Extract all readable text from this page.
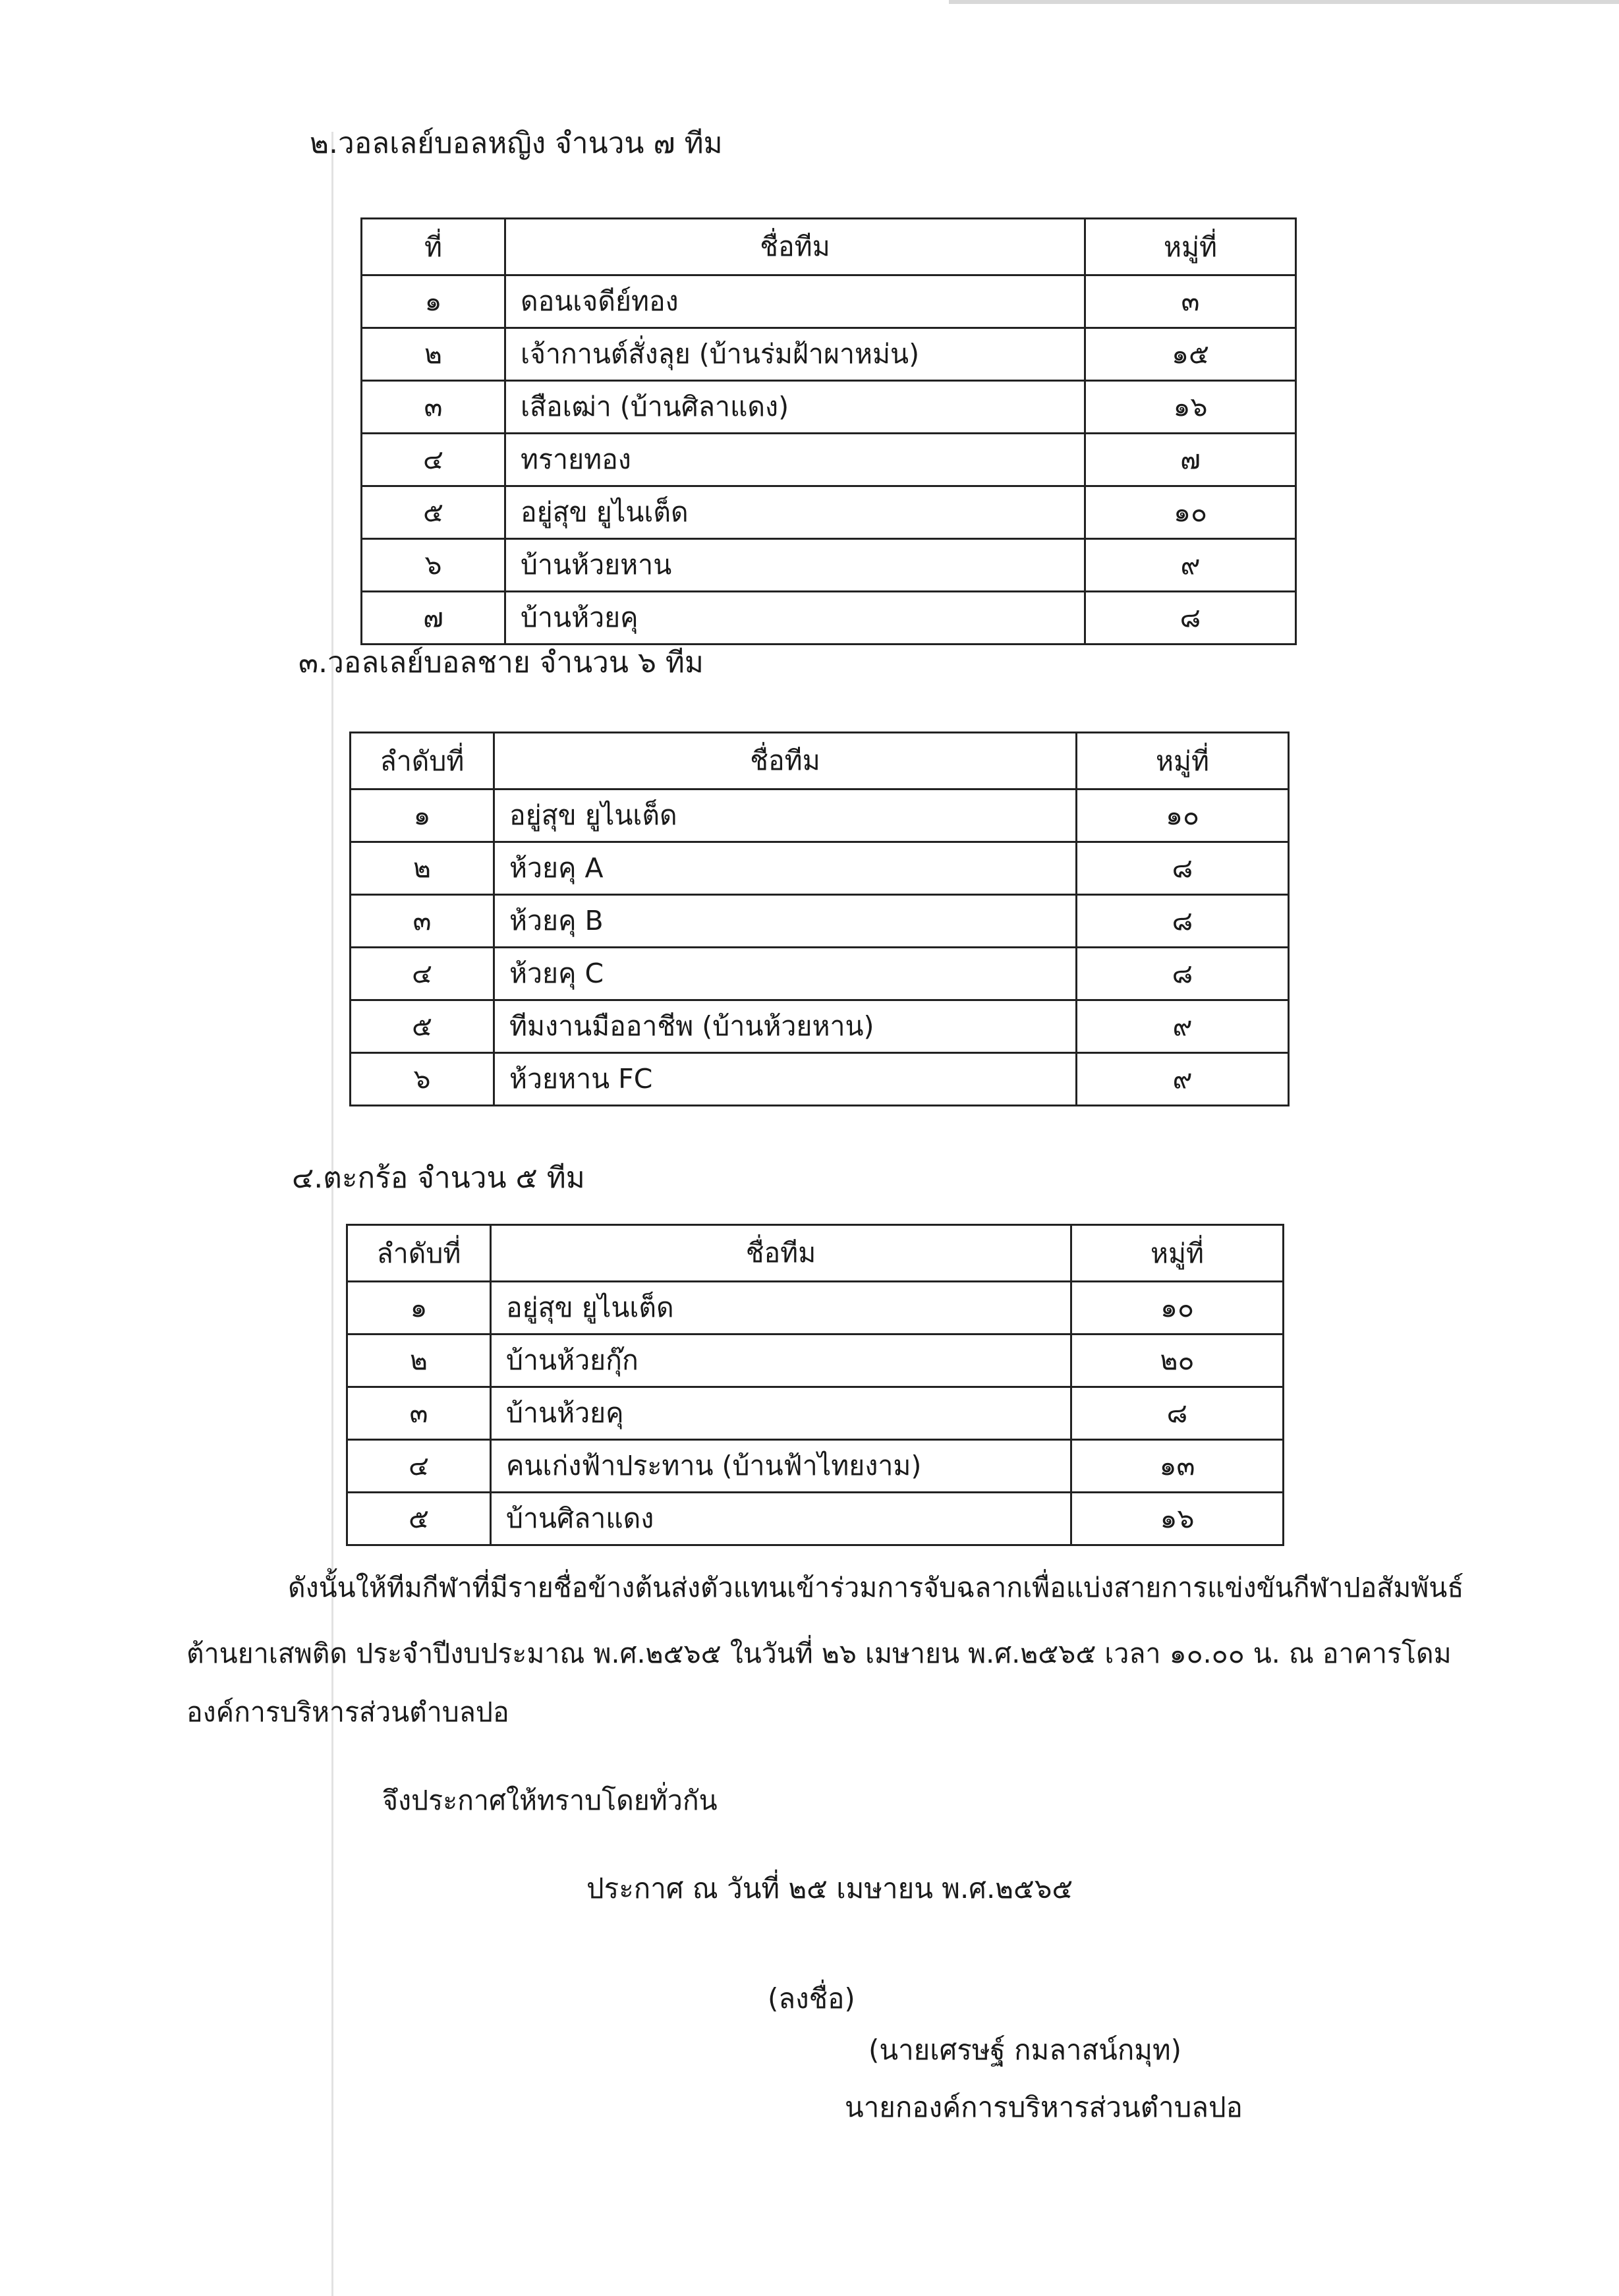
๒.วอลเลย์บอลหญิง จำนวน ๗ ทีม
ที่	ชื่อทีม	หมู่ที่
๑	ดอนเจดีย์ทอง	๓
๒	เจ้ากานต์สั่งลุย (บ้านร่มฝ้าผาหม่น)	๑๕
๓	เสือเฒ่า (บ้านศิลาแดง)	๑๖
๔	ทรายทอง	๗
๕	อยู่สุข ยูไนเต็ด	๑๐
๖	บ้านห้วยหาน	๙
๗	บ้านห้วยคุ	๘
๓.วอลเลย์บอลชาย จำนวน ๖ ทีม
ลำดับที่	ชื่อทีม	หมู่ที่
๑	อยู่สุข ยูไนเต็ด	๑๐
๒	ห้วยคุ A	๘
๓	ห้วยคุ B	๘
๔	ห้วยคุ C	๘
๕	ทีมงานมืออาชีพ (บ้านห้วยหาน)	๙
๖	ห้วยหาน FC	๙
๔.ตะกร้อ จำนวน ๕ ทีม
ลำดับที่	ชื่อทีม	หมู่ที่
๑	อยู่สุข ยูไนเต็ด	๑๐
๒	บ้านห้วยกุ๊ก	๒๐
๓	บ้านห้วยคุ	๘
๔	คนเก่งฟ้าประทาน (บ้านฟ้าไทยงาม)	๑๓
๕	บ้านศิลาแดง	๑๖
ดังนั้นให้ทีมกีฬาที่มีรายชื่อข้างต้นส่งตัวแทนเข้าร่วมการจับฉลากเพื่อแบ่งสายการแข่งขันกีฬาปอสัมพันธ์
ต้านยาเสพติด ประจำปีงบประมาณ พ.ศ.๒๕๖๕ ในวันที่ ๒๖ เมษายน พ.ศ.๒๕๖๕ เวลา ๑๐.๐๐ น. ณ อาคารโดม
องค์การบริหารส่วนตำบลปอ
จึงประกาศให้ทราบโดยทั่วกัน
ประกาศ ณ วันที่ ๒๕ เมษายน พ.ศ.๒๕๖๕
(ลงชื่อ)
(นายเศรษฐ์ กมลาสน์กมุท)
นายกองค์การบริหารส่วนตำบลปอ
